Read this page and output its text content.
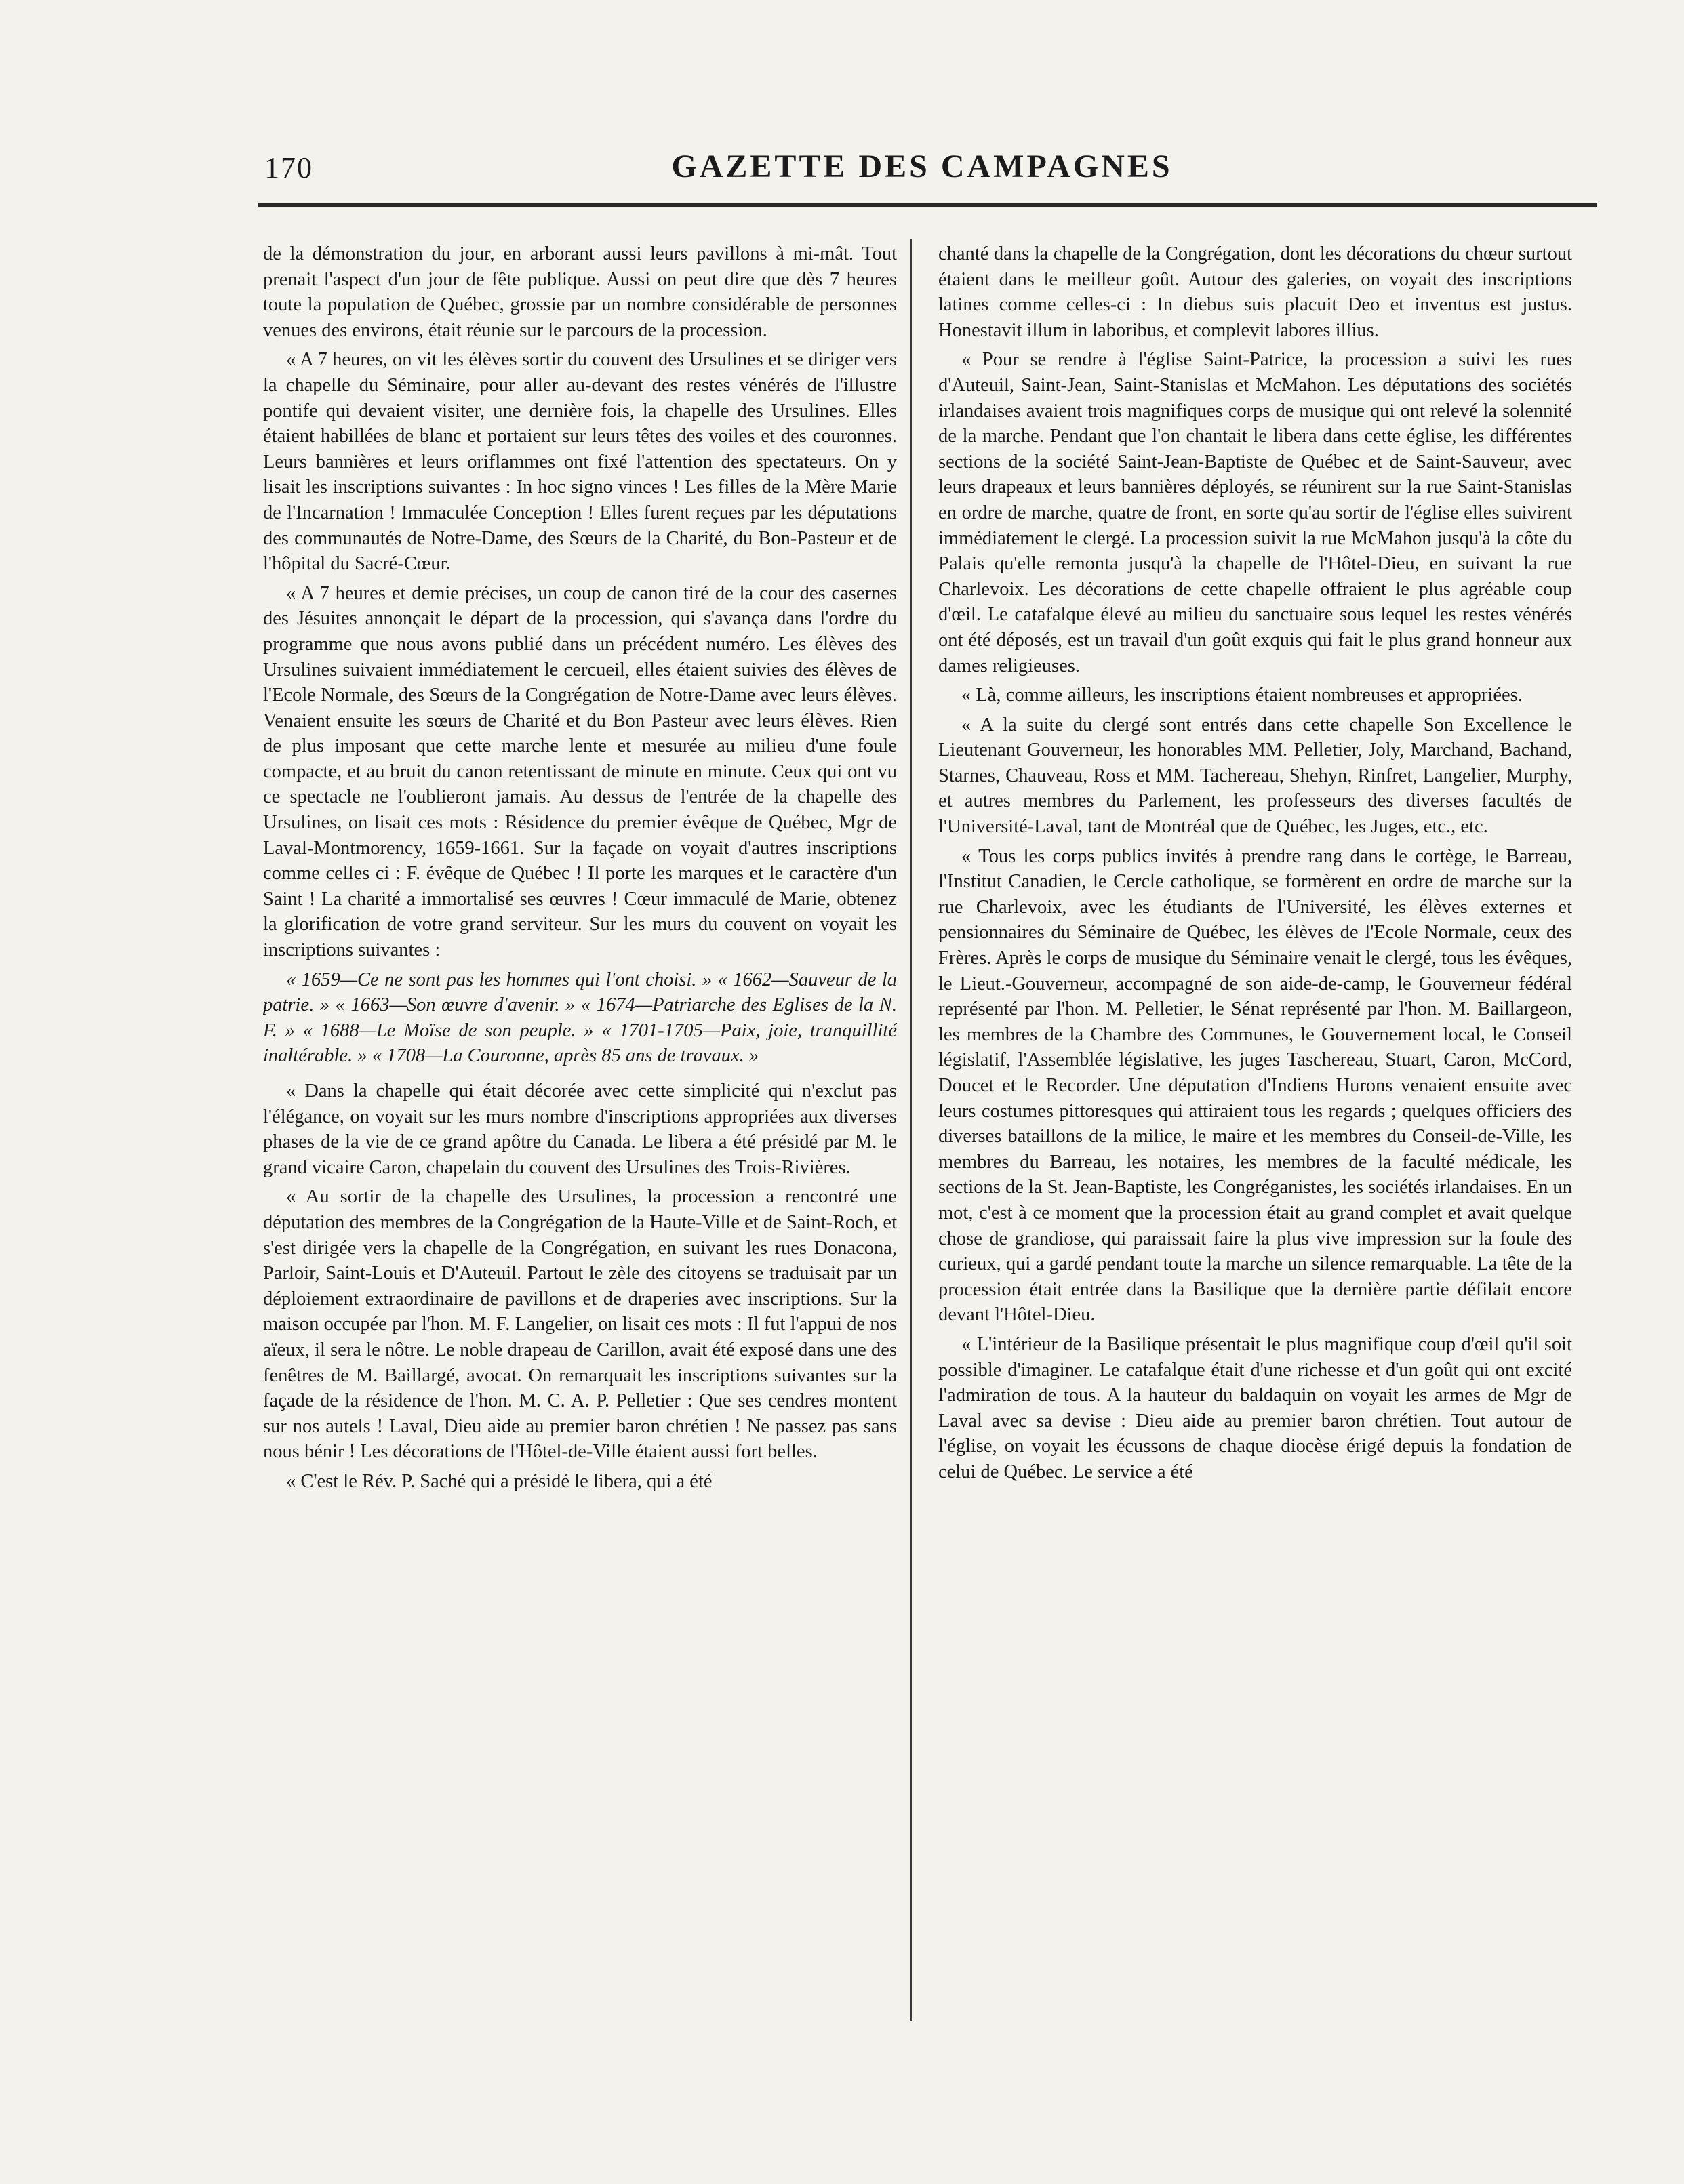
170	GAZETTE DES CAMPAGNES

de la démonstration du jour, en arborant aussi leurs pavillons à mi-mât. Tout prenait l'aspect d'un jour de fête publique. Aussi on peut dire que dès 7 heures toute la population de Québec, grossie par un nombre considérable de personnes venues des environs, était réunie sur le parcours de la procession.

« A 7 heures, on vit les élèves sortir du couvent des Ursulines et se diriger vers la chapelle du Séminaire, pour aller au-devant des restes vénérés de l'illustre pontife qui devaient visiter, une dernière fois, la chapelle des Ursulines. Elles étaient habillées de blanc et portaient sur leurs têtes des voiles et des couronnes. Leurs bannières et leurs oriflammes ont fixé l'attention des spectateurs. On y lisait les inscriptions suivantes : In hoc signo vinces ! Les filles de la Mère Marie de l'Incarnation ! Immaculée Conception ! Elles furent reçues par les députations des communautés de Notre-Dame, des Sœurs de la Charité, du Bon-Pasteur et de l'hôpital du Sacré-Cœur.

« A 7 heures et demie précises, un coup de canon tiré de la cour des casernes des Jésuites annonçait le départ de la procession, qui s'avança dans l'ordre du programme que nous avons publié dans un précédent numéro. Les élèves des Ursulines suivaient immédiatement le cercueil, elles étaient suivies des élèves de l'Ecole Normale, des Sœurs de la Congrégation de Notre-Dame avec leurs élèves. Venaient ensuite les sœurs de Charité et du Bon Pasteur avec leurs élèves. Rien de plus imposant que cette marche lente et mesurée au milieu d'une foule compacte, et au bruit du canon retentissant de minute en minute. Ceux qui ont vu ce spectacle ne l'oublieront jamais. Au dessus de l'entrée de la chapelle des Ursulines, on lisait ces mots : Résidence du premier évêque de Québec, Mgr de Laval-Montmorency, 1659-1661. Sur la façade on voyait d'autres inscriptions comme celles ci : F. évêque de Québec ! Il porte les marques et le caractère d'un Saint ! La charité a immortalisé ses œuvres ! Cœur immaculé de Marie, obtenez la glorification de votre grand serviteur. Sur les murs du couvent on voyait les inscriptions suivantes :

« 1659—Ce ne sont pas les hommes qui l'ont choisi. » « 1662—Sauveur de la patrie. » « 1663—Son œuvre d'avenir. » « 1674—Patriarche des Eglises de la N. F. » « 1688—Le Moïse de son peuple. » « 1701-1705—Paix, joie, tranquillité inaltérable. » « 1708—La Couronne, après 85 ans de travaux. »

« Dans la chapelle qui était décorée avec cette simplicité qui n'exclut pas l'élégance, on voyait sur les murs nombre d'inscriptions appropriées aux diverses phases de la vie de ce grand apôtre du Canada. Le libera a été présidé par M. le grand vicaire Caron, chapelain du couvent des Ursulines des Trois-Rivières.

« Au sortir de la chapelle des Ursulines, la procession a rencontré une députation des membres de la Congrégation de la Haute-Ville et de Saint-Roch, et s'est dirigée vers la chapelle de la Congrégation, en suivant les rues Donacona, Parloir, Saint-Louis et D'Auteuil. Partout le zèle des citoyens se traduisait par un déploiement extraordinaire de pavillons et de draperies avec inscriptions. Sur la maison occupée par l'hon. M. F. Langelier, on lisait ces mots : Il fut l'appui de nos aïeux, il sera le nôtre. Le noble drapeau de Carillon, avait été exposé dans une des fenêtres de M. Baillargé, avocat. On remarquait les inscriptions suivantes sur la façade de la résidence de l'hon. M. C. A. P. Pelletier : Que ses cendres montent sur nos autels ! Laval, Dieu aide au premier baron chrétien ! Ne passez pas sans nous bénir ! Les décorations de l'Hôtel-de-Ville étaient aussi fort belles.

« C'est le Rév. P. Saché qui a présidé le libera, qui a été

chanté dans la chapelle de la Congrégation, dont les décorations du chœur surtout étaient dans le meilleur goût. Autour des galeries, on voyait des inscriptions latines comme celles-ci : In diebus suis placuit Deo et inventus est justus. Honestavit illum in laboribus, et complevit labores illius.

« Pour se rendre à l'église Saint-Patrice, la procession a suivi les rues d'Auteuil, Saint-Jean, Saint-Stanislas et McMahon. Les députations des sociétés irlandaises avaient trois magnifiques corps de musique qui ont relevé la solennité de la marche. Pendant que l'on chantait le libera dans cette église, les différentes sections de la société Saint-Jean-Baptiste de Québec et de Saint-Sauveur, avec leurs drapeaux et leurs bannières déployés, se réunirent sur la rue Saint-Stanislas en ordre de marche, quatre de front, en sorte qu'au sortir de l'église elles suivirent immédiatement le clergé. La procession suivit la rue McMahon jusqu'à la côte du Palais qu'elle remonta jusqu'à la chapelle de l'Hôtel-Dieu, en suivant la rue Charlevoix. Les décorations de cette chapelle offraient le plus agréable coup d'œil. Le catafalque élevé au milieu du sanctuaire sous lequel les restes vénérés ont été déposés, est un travail d'un goût exquis qui fait le plus grand honneur aux dames religieuses.

« Là, comme ailleurs, les inscriptions étaient nombreuses et appropriées.

« A la suite du clergé sont entrés dans cette chapelle Son Excellence le Lieutenant Gouverneur, les honorables MM. Pelletier, Joly, Marchand, Bachand, Starnes, Chauveau, Ross et MM. Tachereau, Shehyn, Rinfret, Langelier, Murphy, et autres membres du Parlement, les professeurs des diverses facultés de l'Université-Laval, tant de Montréal que de Québec, les Juges, etc., etc.

« Tous les corps publics invités à prendre rang dans le cortège, le Barreau, l'Institut Canadien, le Cercle catholique, se formèrent en ordre de marche sur la rue Charlevoix, avec les étudiants de l'Université, les élèves externes et pensionnaires du Séminaire de Québec, les élèves de l'Ecole Normale, ceux des Frères. Après le corps de musique du Séminaire venait le clergé, tous les évêques, le Lieut.-Gouverneur, accompagné de son aide-de-camp, le Gouverneur fédéral représenté par l'hon. M. Pelletier, le Sénat représenté par l'hon. M. Baillargeon, les membres de la Chambre des Communes, le Gouvernement local, le Conseil législatif, l'Assemblée législative, les juges Taschereau, Stuart, Caron, McCord, Doucet et le Recorder. Une députation d'Indiens Hurons venaient ensuite avec leurs costumes pittoresques qui attiraient tous les regards ; quelques officiers des diverses bataillons de la milice, le maire et les membres du Conseil-de-Ville, les membres du Barreau, les notaires, les membres de la faculté médicale, les sections de la St. Jean-Baptiste, les Congréganistes, les sociétés irlandaises. En un mot, c'est à ce moment que la procession était au grand complet et avait quelque chose de grandiose, qui paraissait faire la plus vive impression sur la foule des curieux, qui a gardé pendant toute la marche un silence remarquable. La tête de la procession était entrée dans la Basilique que la dernière partie défilait encore devant l'Hôtel-Dieu.

« L'intérieur de la Basilique présentait le plus magnifique coup d'œil qu'il soit possible d'imaginer. Le catafalque était d'une richesse et d'un goût qui ont excité l'admiration de tous. A la hauteur du baldaquin on voyait les armes de Mgr de Laval avec sa devise : Dieu aide au premier baron chrétien. Tout autour de l'église, on voyait les écussons de chaque diocèse érigé depuis la fondation de celui de Québec. Le service a été
